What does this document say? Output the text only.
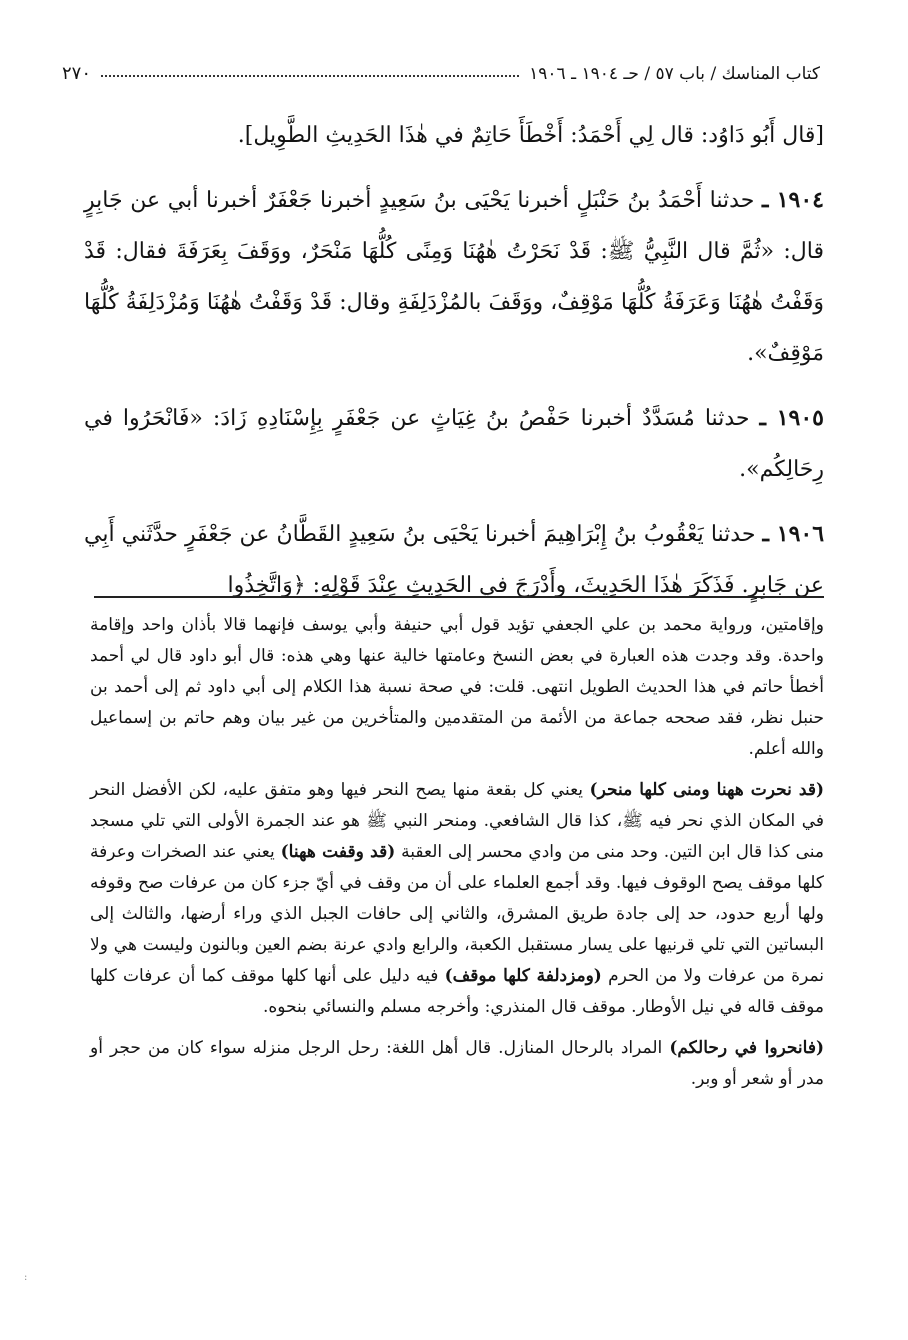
كتاب المناسك / باب ٥٧ / حـ ١٩٠٤ ـ ١٩٠٦
٢٧٠

[قال أَبُو دَاوُد: قال لِي أَحْمَدُ: أَخْطَأَ حَاتِمٌ في هٰذَا الحَدِيثِ الطَّوِيل].

١٩٠٤ ـ حدثنا أَحْمَدُ بنُ حَنْبَلٍ أخبرنا يَحْيَى بنُ سَعِيدٍ أخبرنا جَعْفَرٌ أخبرنا أبي عن جَابِرٍ قال: «ثُمَّ قال النَّبِيُّ ﷺ: قَدْ نَحَرْتُ هٰهُنَا وَمِنًى كُلُّهَا مَنْحَرٌ، ووَقَفَ بِعَرَفَةَ فقال: قَدْ وَقَفْتُ هٰهُنَا وَعَرَفَةُ كُلُّهَا مَوْقِفٌ، ووَقَفَ بالمُزْدَلِفَةِ وقال: قَدْ وَقَفْتُ هٰهُنَا وَمُزْدَلِفَةُ كُلُّهَا مَوْقِفٌ».

١٩٠٥ ـ حدثنا مُسَدَّدٌ أخبرنا حَفْصُ بنُ غِيَاثٍ عن جَعْفَرٍ بِإِسْنَادِهِ زَادَ: «فَانْحَرُوا في رِحَالِكُم».

١٩٠٦ ـ حدثنا يَعْقُوبُ بنُ إِبْرَاهِيمَ أخبرنا يَحْيَى بنُ سَعِيدٍ القَطَّانُ عن جَعْفَرٍ حدَّثَني أَبِي عن جَابِرٍ. فَذَكَرَ هٰذَا الحَدِيثَ، وأَدْرَجَ في الحَدِيثِ عِنْدَ قَوْلِهِ: ﴿وَاتَّخِذُوا

وإقامتين، ورواية محمد بن علي الجعفي تؤيد قول أبي حنيفة وأبي يوسف فإنهما قالا بأذان واحد وإقامة واحدة. وقد وجدت هذه العبارة في بعض النسخ وعامتها خالية عنها وهي هذه: قال أبو داود قال لي أحمد أخطأ حاتم في هذا الحديث الطويل انتهى. قلت: في صحة نسبة هذا الكلام إلى أبي داود ثم إلى أحمد بن حنبل نظر، فقد صححه جماعة من الأئمة من المتقدمين والمتأخرين من غير بيان وهم حاتم بن إسماعيل والله أعلم.

(قد نحرت ههنا ومنى كلها منحر) يعني كل بقعة منها يصح النحر فيها وهو متفق عليه، لكن الأفضل النحر في المكان الذي نحر فيه ﷺ، كذا قال الشافعي. ومنحر النبي ﷺ هو عند الجمرة الأولى التي تلي مسجد منى كذا قال ابن التين. وحد منى من وادي محسر إلى العقبة (قد وقفت ههنا) يعني عند الصخرات وعرفة كلها موقف يصح الوقوف فيها. وقد أجمع العلماء على أن من وقف في أيّ جزء كان من عرفات صح وقوفه ولها أربع حدود، حد إلى جادة طريق المشرق، والثاني إلى حافات الجبل الذي وراء أرضها، والثالث إلى البساتين التي تلي قرنيها على يسار مستقبل الكعبة، والرابع وادي عرنة بضم العين وبالنون وليست هي ولا نمرة من عرفات ولا من الحرم (ومزدلفة كلها موقف) فيه دليل على أنها كلها موقف كما أن عرفات كلها موقف قاله في نيل الأوطار. موقف قال المنذري: وأخرجه مسلم والنسائي بنحوه.

(فانحروا في رحالكم) المراد بالرحال المنازل. قال أهل اللغة: رحل الرجل منزله سواء كان من حجر أو مدر أو شعر أو وبر.

:
